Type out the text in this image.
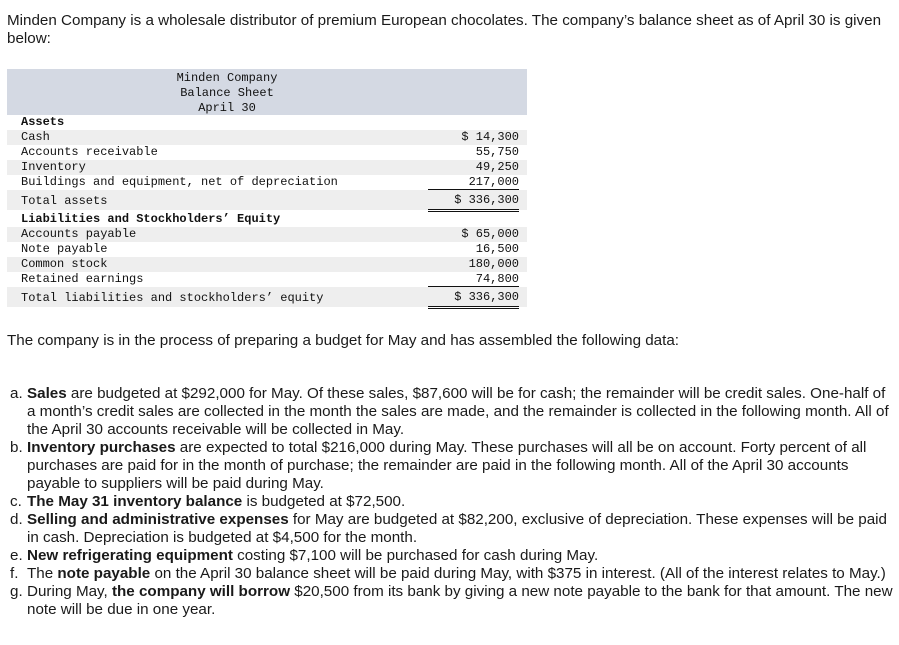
Minden Company is a wholesale distributor of premium European chocolates. The company’s balance sheet as of April 30 is given below:
Minden Company
Balance Sheet
April 30
Assets
Cash	$ 14,300
Accounts receivable	55,750
Inventory	49,250
Buildings and equipment, net of depreciation	217,000
Total assets	$ 336,300
Liabilities and Stockholders’ Equity
Accounts payable	$ 65,000
Note payable	16,500
Common stock	180,000
Retained earnings	74,800
Total liabilities and stockholders’ equity	$ 336,300
The company is in the process of preparing a budget for May and has assembled the following data:
a. Sales are budgeted at $292,000 for May. Of these sales, $87,600 will be for cash; the remainder will be credit sales. One-half of a month’s credit sales are collected in the month the sales are made, and the remainder is collected in the following month. All of the April 30 accounts receivable will be collected in May.
b. Inventory purchases are expected to total $216,000 during May. These purchases will all be on account. Forty percent of all purchases are paid for in the month of purchase; the remainder are paid in the following month. All of the April 30 accounts payable to suppliers will be paid during May.
c. The May 31 inventory balance is budgeted at $72,500.
d. Selling and administrative expenses for May are budgeted at $82,200, exclusive of depreciation. These expenses will be paid in cash. Depreciation is budgeted at $4,500 for the month.
e. New refrigerating equipment costing $7,100 will be purchased for cash during May.
f. The note payable on the April 30 balance sheet will be paid during May, with $375 in interest. (All of the interest relates to May.)
g. During May, the company will borrow $20,500 from its bank by giving a new note payable to the bank for that amount. The new note will be due in one year.
